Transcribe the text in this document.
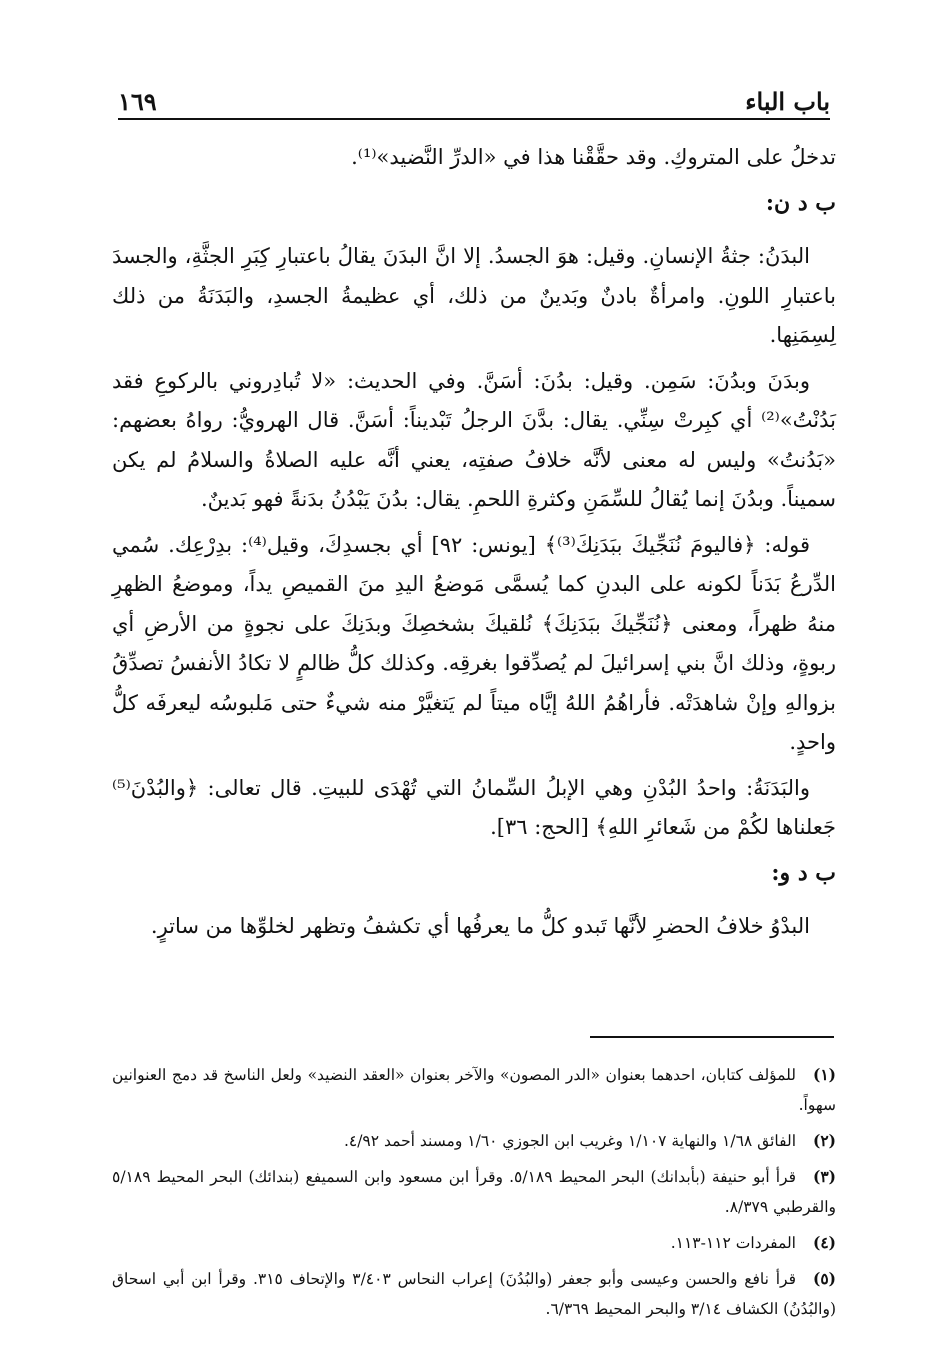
باب الباء
١٦٩

تدخلُ على المتروكِ. وقد حقَّقْنا هذا في «الدرِّ النَّضيد»⁽¹⁾.

ب د ن:

البدَنُ: جثةُ الإنسانِ. وقيل: هوَ الجسدُ. إلا انَّ البدَنَ يقالُ باعتبارِ كِبَرِ الجثَّةِ، والجسدَ باعتبارِ اللونِ. وامرأةٌ بادنٌ وبَدينٌ من ذلك، أي عظيمةُ الجسدِ، والبَدَنَةُ من ذلك لِسِمَنِها.

وبدَنَ وبدُنَ: سَمِن. وقيل: بدُنَ: أسَنَّ. وفي الحديث: «لا تُبادِروني بالركوعِ فقد بَدُنْتُ»⁽²⁾ أي كبِرتْ سِنِّي. يقال: بدَّنَ الرجلُ تَبْديناً: أسَنَّ. قال الهرويُّ: رواهُ بعضهم: «بَدُنتُ» وليس له معنى لأنَّه خلافُ صفتِه، يعني أنَّه عليه الصلاةُ والسلامُ لم يكن سميناً. وبدُنَ إنما يُقالُ للسِّمَنِ وكثرةِ اللحمِ. يقال: بدُنَ يَبْدُنُ بدَنةً فهو بَدينٌ.

قوله: ﴿فاليومَ نُنَجِّيكَ ببَدَنِكَ⁽³⁾﴾ [يونس: ٩٢] أي بجسدِكَ، وقيل⁽⁴⁾: بدِرْعِك. سُمي الدِّرعُ بَدَناً لكونه على البدنِ كما يُسمَّى مَوضعُ اليدِ منَ القميصِ يداً، وموضعُ الظهرِ منهُ ظهراً، ومعنى ﴿نُنَجِّيكَ ببَدَنِكَ﴾ نُلقيكَ بشخصِكَ وبدَنِكَ على نجوةٍ من الأرضِ أي ربوةٍ، وذلك انَّ بني إسرائيلَ لم يُصدِّقوا بغرقِه. وكذلك كلُّ ظالمٍ لا تكادُ الأنفسُ تصدِّقُ بزوالهِ وإنْ شاهدَتْه. فأراهُمُ اللهُ إيَّاه ميتاً لم يَتغيَّرْ منه شيءٌ حتى مَلبوسُه ليعرفَه كلُّ واحدٍ.

والبَدَنَةُ: واحدُ البُدْنِ وهي الإبلُ السِّمانُ التي تُهْدَى للبيتِ. قال تعالى: ﴿والبُدْنَ⁽⁵⁾ جَعلناها لكُمْ من شَعائرِ اللهِ﴾ [الحج: ٣٦].

ب د و:

البدْوُ خلافُ الحضرِ لأنَّها تَبدو كلُّ ما يعرفُها أي تكشفُ وتظهر لخلوِّها من ساترٍ.

(١)للمؤلف كتابان، احدهما بعنوان «الدر المصون» والآخر بعنوان «العقد النضيد» ولعل الناسخ قد دمج العنوانين سهواً.

(٢)الفائق ١/٦٨ والنهاية ١/١٠٧ وغريب ابن الجوزي ١/٦٠ ومسند أحمد ٤/٩٢.

(٣)قرأ أبو حنيفة (بأبدانك) البحر المحيط ٥/١٨٩. وقرأ ابن مسعود وابن السميفع (بندائك) البحر المحيط ٥/١٨٩ والقرطبي ٨/٣٧٩.

(٤)المفردات ١١٢-١١٣.

(٥)قرأ نافع والحسن وعيسى وأبو جعفر (والبُدُنَ) إعراب النحاس ٣/٤٠٣ والإتحاف ٣١٥. وقرأ ابن أبي اسحاق (والبُدُنُ) الكشاف ٣/١٤ والبحر المحيط ٦/٣٦٩.
